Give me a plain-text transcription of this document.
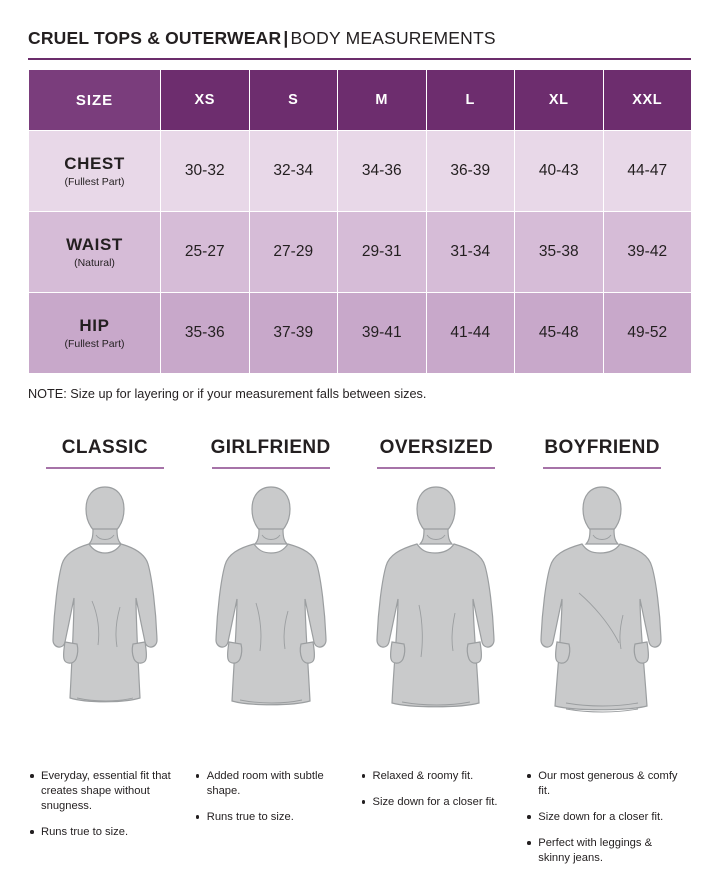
CRUEL TOPS & OUTERWEAR | BODY MEASUREMENTS
SIZE	XS	S	M	L	XL	XXL
CHEST
(Fullest Part)	30-32	32-34	34-36	36-39	40-43	44-47
WAIST
(Natural)	25-27	27-29	29-31	31-34	35-38	39-42
HIP
(Fullest Part)	35-36	37-39	39-41	41-44	45-48	49-52
NOTE: Size up for layering or if your measurement falls between sizes.
CLASSIC
Everyday, essential fit that creates shape without snugness.
Runs true to size.
GIRLFRIEND
Added room with subtle shape.
Runs true to size.
OVERSIZED
Relaxed & roomy fit.
Size down for a closer fit.
BOYFRIEND
Our most generous & comfy fit.
Size down for a closer fit.
Perfect with leggings & skinny jeans.
